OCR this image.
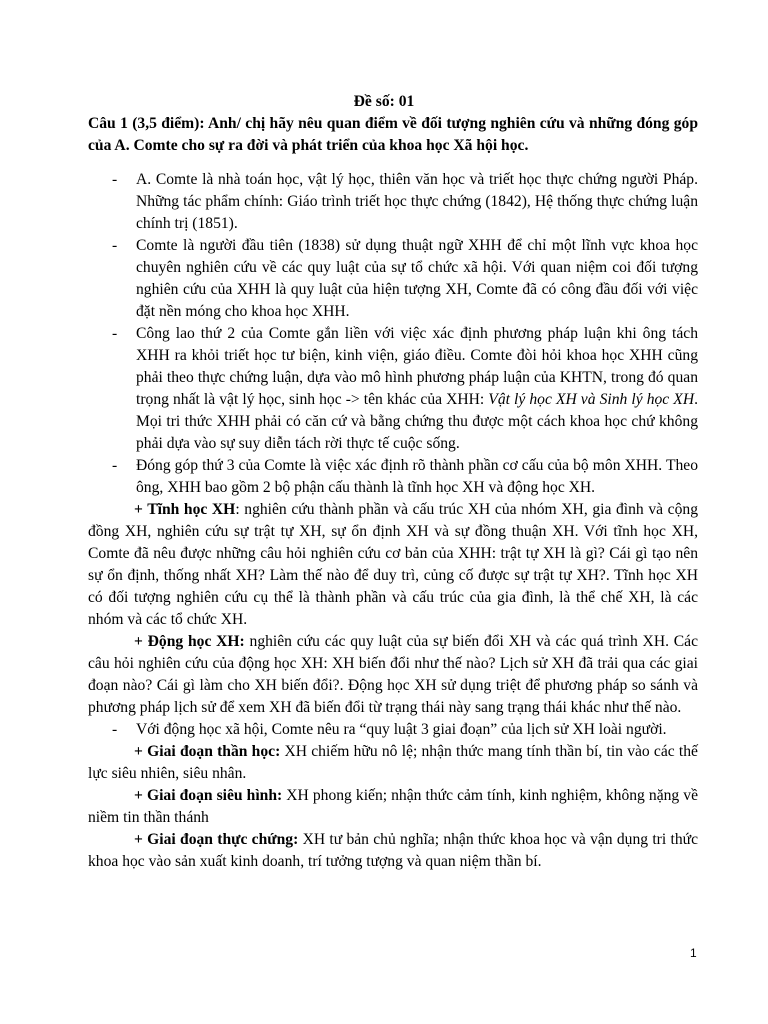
Đề số: 01
Câu 1 (3,5 điểm): Anh/ chị hãy nêu quan điểm về đối tượng nghiên cứu và những đóng góp của A. Comte cho sự ra đời và phát triển của khoa học Xã hội học.
- A. Comte là nhà toán học, vật lý học, thiên văn học và triết học thực chứng người Pháp. Những tác phẩm chính: Giáo trình triết học thực chứng (1842), Hệ thống thực chứng luận chính trị (1851).
- Comte là người đầu tiên (1838) sử dụng thuật ngữ XHH để chỉ một lĩnh vực khoa học chuyên nghiên cứu về các quy luật của sự tổ chức xã hội. Với quan niệm coi đối tượng nghiên cứu của XHH là quy luật của hiện tượng XH, Comte đã có công đầu đối với việc đặt nền móng cho khoa học XHH.
- Công lao thứ 2 của Comte gắn liền với việc xác định phương pháp luận khi ông tách XHH ra khỏi triết học tư biện, kinh viện, giáo điều. Comte đòi hỏi khoa học XHH cũng phải theo thực chứng luận, dựa vào mô hình phương pháp luận của KHTN, trong đó quan trọng nhất là vật lý học, sinh học -> tên khác của XHH: Vật lý học XH và Sinh lý học XH. Mọi tri thức XHH phải có căn cứ và bằng chứng thu được một cách khoa học chứ không phải dựa vào sự suy diễn tách rời thực tế cuộc sống.
- Đóng góp thứ 3 của Comte là việc xác định rõ thành phần cơ cấu của bộ môn XHH. Theo ông, XHH bao gồm 2 bộ phận cấu thành là tĩnh học XH và động học XH.
+ Tĩnh học XH: nghiên cứu thành phần và cấu trúc XH của nhóm XH, gia đình và cộng đồng XH, nghiên cứu sự trật tự XH, sự ổn định XH và sự đồng thuận XH. Với tĩnh học XH, Comte đã nêu được những câu hỏi nghiên cứu cơ bản của XHH: trật tự XH là gì? Cái gì tạo nên sự ổn định, thống nhất XH? Làm thế nào để duy trì, củng cố được sự trật tự XH?. Tĩnh học XH có đối tượng nghiên cứu cụ thể là thành phần và cấu trúc của gia đình, là thể chế XH, là các nhóm và các tổ chức XH.
+ Động học XH: nghiên cứu các quy luật của sự biến đổi XH và các quá trình XH. Các câu hỏi nghiên cứu của động học XH: XH biến đổi như thế nào? Lịch sử XH đã trải qua các giai đoạn nào? Cái gì làm cho XH biến đổi?. Động học XH sử dụng triệt để phương pháp so sánh và phương pháp lịch sử để xem XH đã biến đổi từ trạng thái này sang trạng thái khác như thế nào.
- Với động học xã hội, Comte nêu ra “quy luật 3 giai đoạn” của lịch sử XH loài người.
+ Giai đoạn thần học: XH chiếm hữu nô lệ; nhận thức mang tính thần bí, tin vào các thế lực siêu nhiên, siêu nhân.
+ Giai đoạn siêu hình: XH phong kiến; nhận thức cảm tính, kinh nghiệm, không nặng về niềm tin thần thánh
+ Giai đoạn thực chứng: XH tư bản chủ nghĩa; nhận thức khoa học và vận dụng tri thức khoa học vào sản xuất kinh doanh, trí tưởng tượng và quan niệm thần bí.
1
